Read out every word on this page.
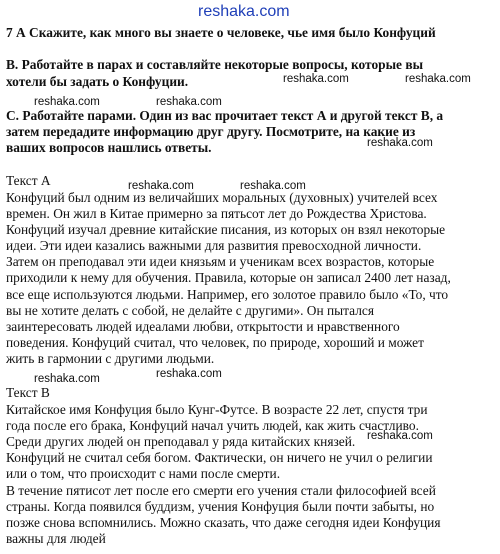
reshaka.com
7 А Скажите, как много вы знаете о человеке, чье имя было Конфуций
B. Работайте в парах и составляйте некоторые вопросы, которые вы
хотели бы задать о Конфуции.	reshaka.com	reshaka.com
reshaka.com	reshaka.com
C. Работайте парами. Один из вас прочитает текст А и другой текст B, а
затем передадите информацию друг другу. Посмотрите, на какие из
reshaka.com
ваших вопросов нашлись ответы.
Текст А	reshaka.com	reshaka.com
Конфуций был одним из величайших моральных (духовных) учителей всех
времен. Он жил в Китае примерно за пятьсот лет до Рождества Христова.
Конфуций изучал древние китайские писания, из которых он взял некоторые
идеи. Эти идеи казались важными для развития превосходной личности.
Затем он преподавал эти идеи князьям и ученикам всех возрастов, которые
приходили к нему для обучения. Правила, которые он записал 2400 лет назад,
все еще используются людьми. Например, его золотое правило было «То, что
вы не хотите делать с собой, не делайте с другими». Он пытался
заинтересовать людей идеалами любви, открытости и нравственного
поведения. Конфуций считал, что человек, по природе, хороший и может
жить в гармонии с другими людьми.
reshaka.com	reshaka.com
Текст B
Китайское имя Конфуция было Кунг-Футсе. В возрасте 22 лет, спустя три
года после его брака, Конфуций начал учить людей, как жить счастливо.
reshaka.com
Среди других людей он преподавал у ряда китайских князей.
Конфуций не считал себя богом. Фактически, он ничего не учил о религии
или о том, что происходит с нами после смерти.
В течение пятисот лет после его смерти его учения стали философией всей
страны. Когда появился буддизм, учения Конфуция были почти забыты, но
позже снова вспомнились. Можно сказать, что даже сегодня идеи Конфуция
важны для людей
